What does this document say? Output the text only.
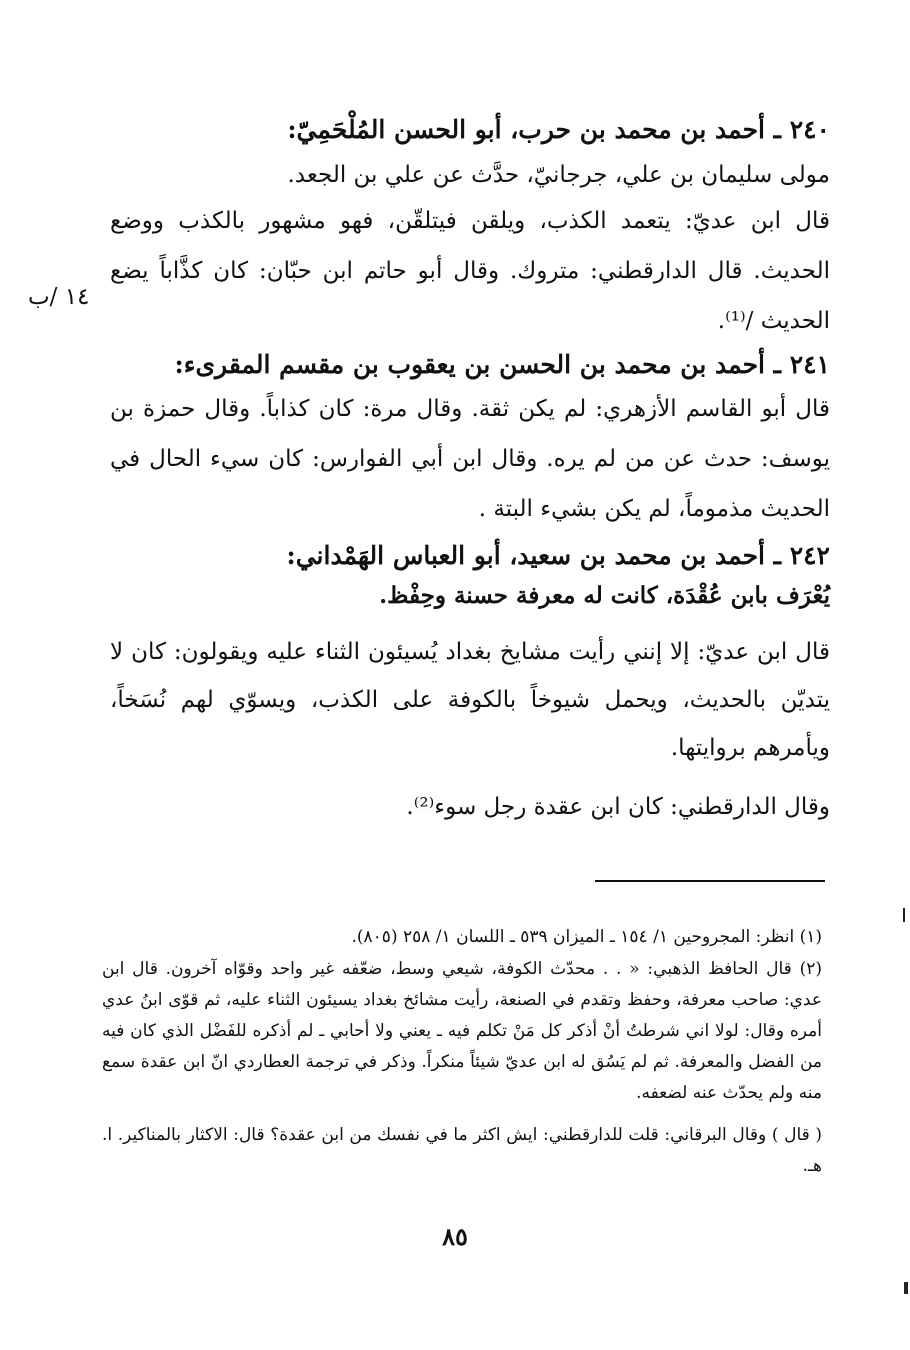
٢٤٠ ـ أحمد بن محمد بن حرب، أبو الحسن المُلْحَمِيّ:
مولى سليمان بن علي، جرجانيّ، حدَّث عن علي بن الجعد.
قال ابن عديّ: يتعمد الكذب، ويلقن فيتلقّن، فهو مشهور بالكذب ووضع الحديث. قال الدارقطني: متروك. وقال أبو حاتم ابن حبّان: كان كذَّاباً يضع الحديث /⁽¹⁾.
٢٤١ ـ أحمد بن محمد بن الحسن بن يعقوب بن مقسم المقرىء:
قال أبو القاسم الأزهري: لم يكن ثقة. وقال مرة: كان كذاباً. وقال حمزة بن يوسف: حدث عن من لم يره. وقال ابن أبي الفوارس: كان سيء الحال في الحديث مذموماً، لم يكن بشيء البتة .
٢٤٢ ـ أحمد بن محمد بن سعيد، أبو العباس الهَمْداني:
يُعْرَف بابن عُقْدَة، كانت له معرفة حسنة وحِفْظ.
قال ابن عديّ: إلا إنني رأيت مشايخ بغداد يُسيئون الثناء عليه ويقولون: كان لا يتديّن بالحديث، ويحمل شيوخاً بالكوفة على الكذب، ويسوّي لهم نُسَخاً، ويأمرهم بروايتها.
وقال الدارقطني: كان ابن عقدة رجل سوء⁽²⁾.
١٤ /ب
(١) انظر: المجروحين ١/ ١٥٤ ـ الميزان ٥٣٩ ـ اللسان ١/ ٢٥٨ (٨٠٥).
(٢) قال الحافظ الذهبي: « . . محدّث الكوفة، شيعي وسط، ضعّفه غير واحد وقوّاه آخرون. قال ابن عدي: صاحب معرفة، وحفظ وتقدم في الصنعة، رأيت مشائخ بغداد يسيئون الثناء عليه، ثم قوّى ابنُ عدي أمره وقال: لولا اني شرطتُ أنْ أذكر كل مَنْ تكلم فيه ـ يعني ولا أحابي ـ لم أذكره للفَضْل الذي كان فيه من الفضل والمعرفة. ثم لم يَسُق له ابن عديّ شيئاً منكراً. وذكر في ترجمة العطاردي انّ ابن عقدة سمع منه ولم يحدّث عنه لضعفه.
( قال ) وقال البرقاني: قلت للدارقطني: ايش اكثر ما في نفسك من ابن عقدة؟ قال: الاكثار بالمناكير. ا. هـ.
٨٥
